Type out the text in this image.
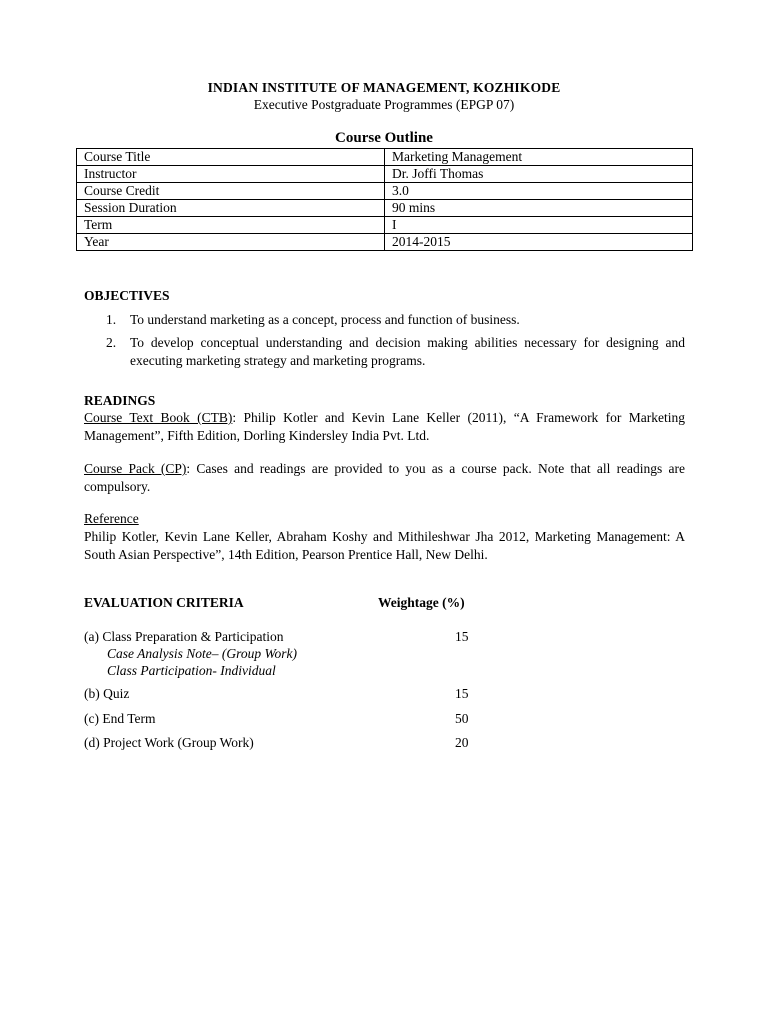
INDIAN INSTITUTE OF MANAGEMENT, KOZHIKODE
Executive Postgraduate Programmes (EPGP 07)
Course Outline
Course Title	Marketing Management
Instructor	Dr. Joffi Thomas
Course Credit	3.0
Session Duration	90 mins
Term	I
Year	2014-2015
OBJECTIVES
1. To understand marketing as a concept, process and function of business.
2. To develop conceptual understanding and decision making abilities necessary for designing and executing marketing strategy and marketing programs.
READINGS
Course Text Book (CTB): Philip Kotler and Kevin Lane Keller (2011), “A Framework for Marketing Management”, Fifth Edition, Dorling Kindersley India Pvt. Ltd.
Course Pack (CP): Cases and readings are provided to you as a course pack. Note that all readings are compulsory.
Reference
Philip Kotler, Kevin Lane Keller, Abraham Koshy and Mithileshwar Jha 2012, Marketing Management: A South Asian Perspective”, 14th Edition, Pearson Prentice Hall, New Delhi.
EVALUATION CRITERIA	Weightage (%)
(a) Class Preparation & Participation	15
Case Analysis Note– (Group Work)
Class Participation- Individual
(b) Quiz	15
(c) End Term	50
(d) Project Work (Group Work)	20
